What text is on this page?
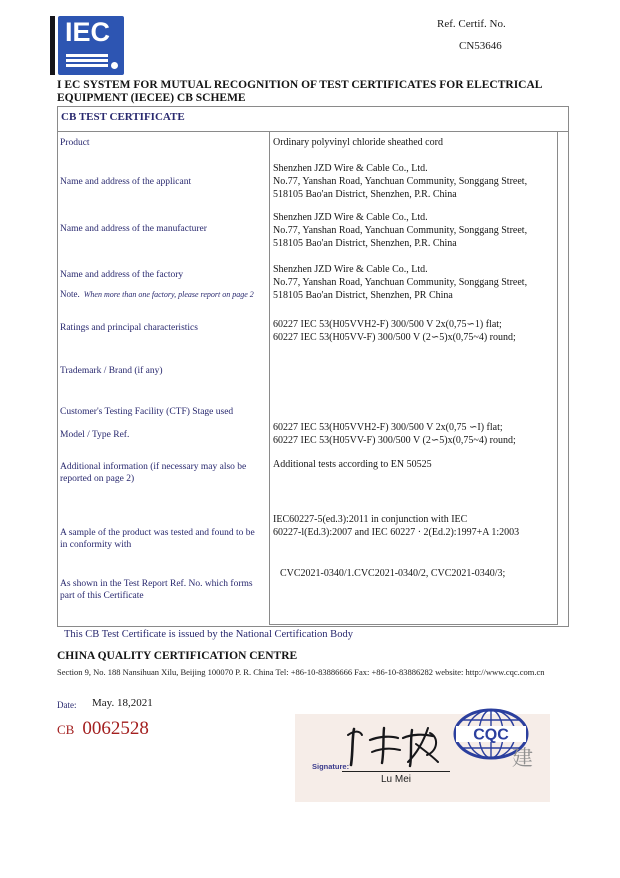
IEC	Ref. Certif. No.
CN53646
I EC SYSTEM FOR MUTUAL RECOGNITION OF TEST CERTIFICATES FOR ELECTRICAL EQUIPMENT (IECEE) CB SCHEME
CB TEST CERTIFICATE
Product
Name and address of the applicant
Name and address of the manufacturer
Name and address of the factory
Note. When more than one factory, please report on page 2
Ratings and principal characteristics
Trademark / Brand (if any)
Customer's Testing Facility (CTF) Stage used
Model / Type Ref.
Additional information (if necessary may also be reported on page 2)
A sample of the product was tested and found to be in conformity with
As shown in the Test Report Ref. No. which forms part of this Certificate
Ordinary polyvinyl chloride sheathed cord
Shenzhen JZD Wire & Cable Co., Ltd.
No.77, Yanshan Road, Yanchuan Community, Songgang Street,
518105 Bao'an District, Shenzhen, P.R. China
Shenzhen JZD Wire & Cable Co., Ltd.
No.77, Yanshan Road, Yanchuan Community, Songgang Street,
518105 Bao'an District, Shenzhen, P.R. China
Shenzhen JZD Wire & Cable Co., Ltd.
No.77, Yanshan Road, Yanchuan Community, Songgang Street,
518105 Bao'an District, Shenzhen, PR China
60227 IEC 53(H05VVH2-F) 300/500 V 2x(0,75∽1) flat;
60227 IEC 53(H05VV-F) 300/500 V (2∽5)x(0,75~4) round;
60227 IEC 53(H05VVH2-F) 300/500 V 2x(0,75 ∽I) flat;
60227 IEC 53(H05VV-F) 300/500 V (2∽5)x(0,75~4) round;
Additional tests according to EN 50525
IEC60227-5(ed.3):2011 in conjunction with IEC
60227-l(Ed.3):2007 and IEC 60227 · 2(Ed.2):1997+A 1:2003
CVC2021-0340/1.CVC2021-0340/2, CVC2021-0340/3;
This CB Test Certificate is issued by the National Certification Body
CHINA QUALITY CERTIFICATION CENTRE
Section 9, No. 188 Nansihuan Xilu, Beijing 100070 P. R. China Tel: +86-10-83886666 Fax: +86-10-83886282 website: http://www.cqc.com.cn
Date: May. 18,2021
CB 0062528
Signature:
Lu Mei
CQC
建
